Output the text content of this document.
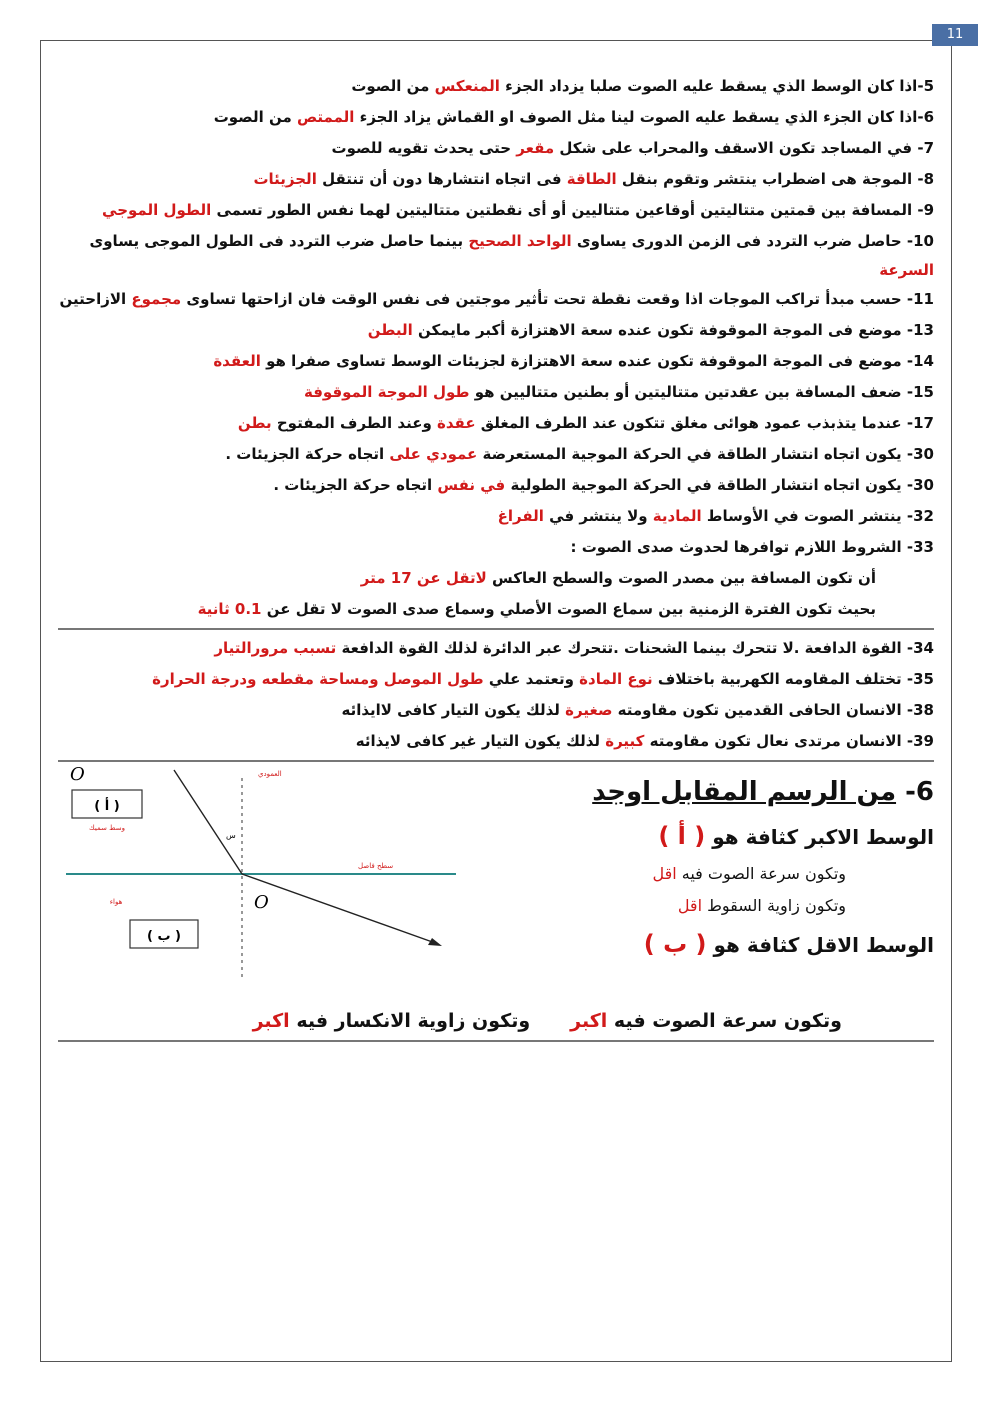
11
5-اذا كان الوسط الذي يسقط عليه الصوت صلبا يزداد الجزء المنعكس من الصوت
6-اذا كان الجزء الذي يسقط عليه الصوت لينا مثل الصوف او القماش يزاد الجزء الممتص من الصوت
7- في المساجد تكون الاسقف والمحراب على شكل مقعر حتى يحدث تقويه للصوت
8- الموجة هى اضطراب ينتشر وتقوم بنقل الطاقة فى اتجاه انتشارها دون أن تنتقل الجزيئات
9- المسافة بين قمتين متتاليتين أوقاعين متتاليين أو أى نقطتين متتاليتين لهما نفس الطور تسمى الطول الموجي
10- حاصل ضرب التردد فى الزمن الدورى يساوى الواحد الصحيح بينما حاصل ضرب التردد فى الطول الموجى يساوى السرعة
11- حسب مبدأ تراكب الموجات اذا وقعت نقطة تحت تأثير موجتين فى نفس الوقت فان ازاحتها تساوى مجموع الازاحتين
13- موضع فى الموجة الموقوفة تكون عنده سعة الاهتزازة أكبر مايمكن البطن
14- موضع فى الموجة الموقوفة تكون عنده سعة الاهتزازة لجزيئات الوسط تساوى صفرا هو العقدة
15- ضعف المسافة بين عقدتين متتاليتين أو بطنين متتاليين هو طول الموجة الموقوفة
17- عندما يتذبذب عمود هوائى مغلق تتكون عند الطرف المغلق عقدة وعند الطرف المفتوح بطن
30- يكون اتجاه انتشار الطاقة في الحركة الموجية المستعرضة عمودي على اتجاه حركة الجزيئات .
30- يكون اتجاه انتشار الطاقة في الحركة الموجية الطولية في نفس اتجاه حركة الجزيئات .
32- ينتشر الصوت في الأوساط المادية ولا ينتشر في الفراغ
33- الشروط اللازم توافرها لحدوث صدى الصوت :
أن تكون المسافة بين مصدر الصوت والسطح العاكس لاتقل عن 17 متر
بحيث تكون الفترة الزمنية بين سماع الصوت الأصلي وسماع صدى الصوت لا تقل عن 0.1 ثانية
34- القوة الدافعة .لا تتحرك بينما الشحنات .تتحرك عبر الدائرة لذلك القوة الدافعة تسبب مرورالتيار
35- تختلف المقاومه الكهربية باختلاف نوع المادة وتعتمد علي طول الموصل ومساحة مقطعه ودرجة الحرارة
38- الانسان الحافى القدمين تكون مقاومته صغيرة لذلك يكون التيار كافى لاايذائه
39- الانسان مرتدى نعال تكون مقاومته كبيرة لذلك يكون التيار غير كافى لايذائه
O
( أ )
وسط سميك
العمودي
سطح فاصل
س
O
هواء
( ب )
6- من الرسم المقابل اوجد
الوسط الاكبر كثافة هو ( أ )
وتكون سرعة الصوت فيه اقل
وتكون زاوية السقوط اقل
الوسط الاقل كثافة هو ( ب )
وتكون سرعة الصوت فيه اكبروتكون زاوية الانكسار فيه اكبر
